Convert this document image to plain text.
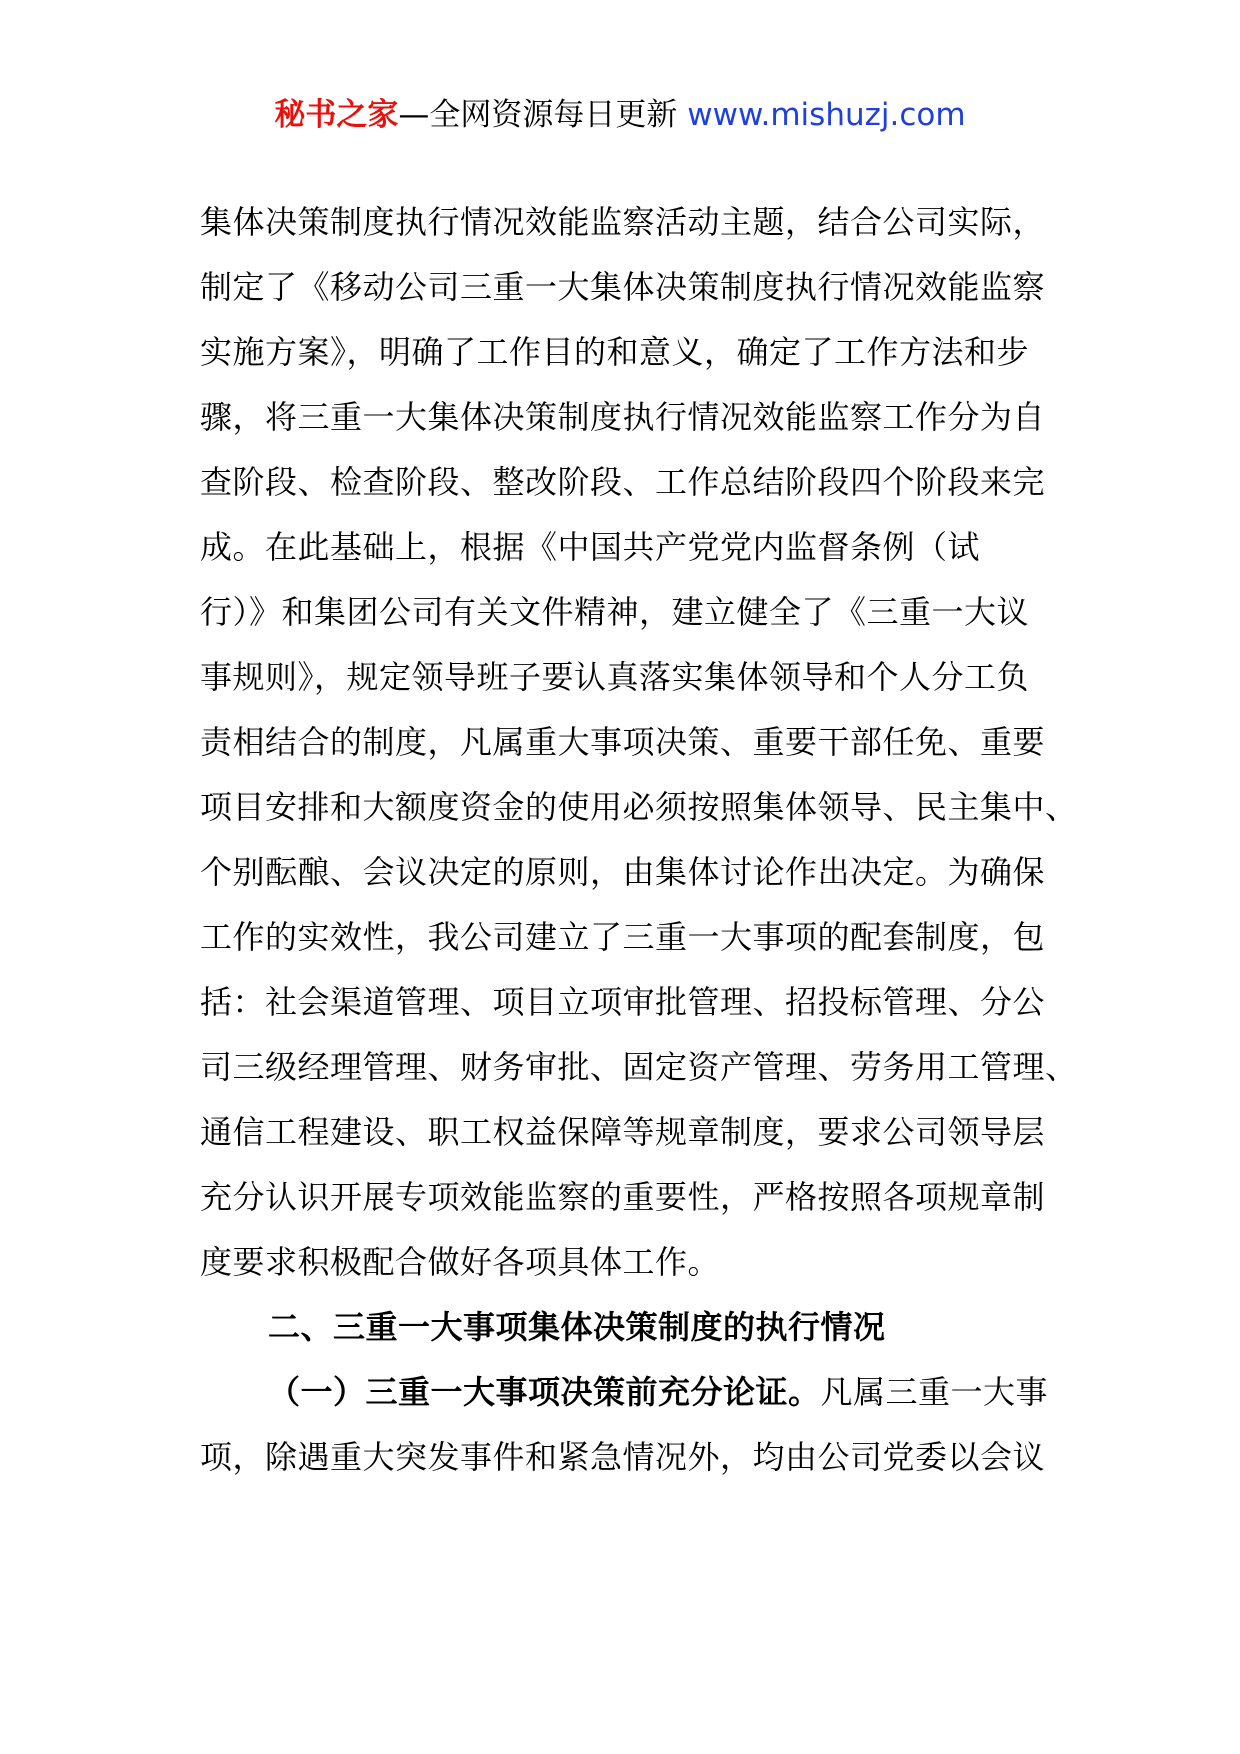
秘书之家—全网资源每日更新 www.mishuzj.com
集体决策制度执行情况效能监察活动主题，结合公司实际，
制定了《移动公司三重一大集体决策制度执行情况效能监察
实施方案》，明确了工作目的和意义，确定了工作方法和步
骤，将三重一大集体决策制度执行情况效能监察工作分为自
查阶段、检查阶段、整改阶段、工作总结阶段四个阶段来完
成。在此基础上，根据《中国共产党党内监督条例（试
行）》和集团公司有关文件精神，建立健全了《三重一大议
事规则》，规定领导班子要认真落实集体领导和个人分工负
责相结合的制度，凡属重大事项决策、重要干部任免、重要
项目安排和大额度资金的使用必须按照集体领导、民主集中、
个别酝酿、会议决定的原则，由集体讨论作出决定。为确保
工作的实效性，我公司建立了三重一大事项的配套制度，包
括：社会渠道管理、项目立项审批管理、招投标管理、分公
司三级经理管理、财务审批、固定资产管理、劳务用工管理、
通信工程建设、职工权益保障等规章制度，要求公司领导层
充分认识开展专项效能监察的重要性，严格按照各项规章制
度要求积极配合做好各项具体工作。
二、三重一大事项集体决策制度的执行情况
（一）三重一大事项决策前充分论证。凡属三重一大事
项，除遇重大突发事件和紧急情况外，均由公司党委以会议
